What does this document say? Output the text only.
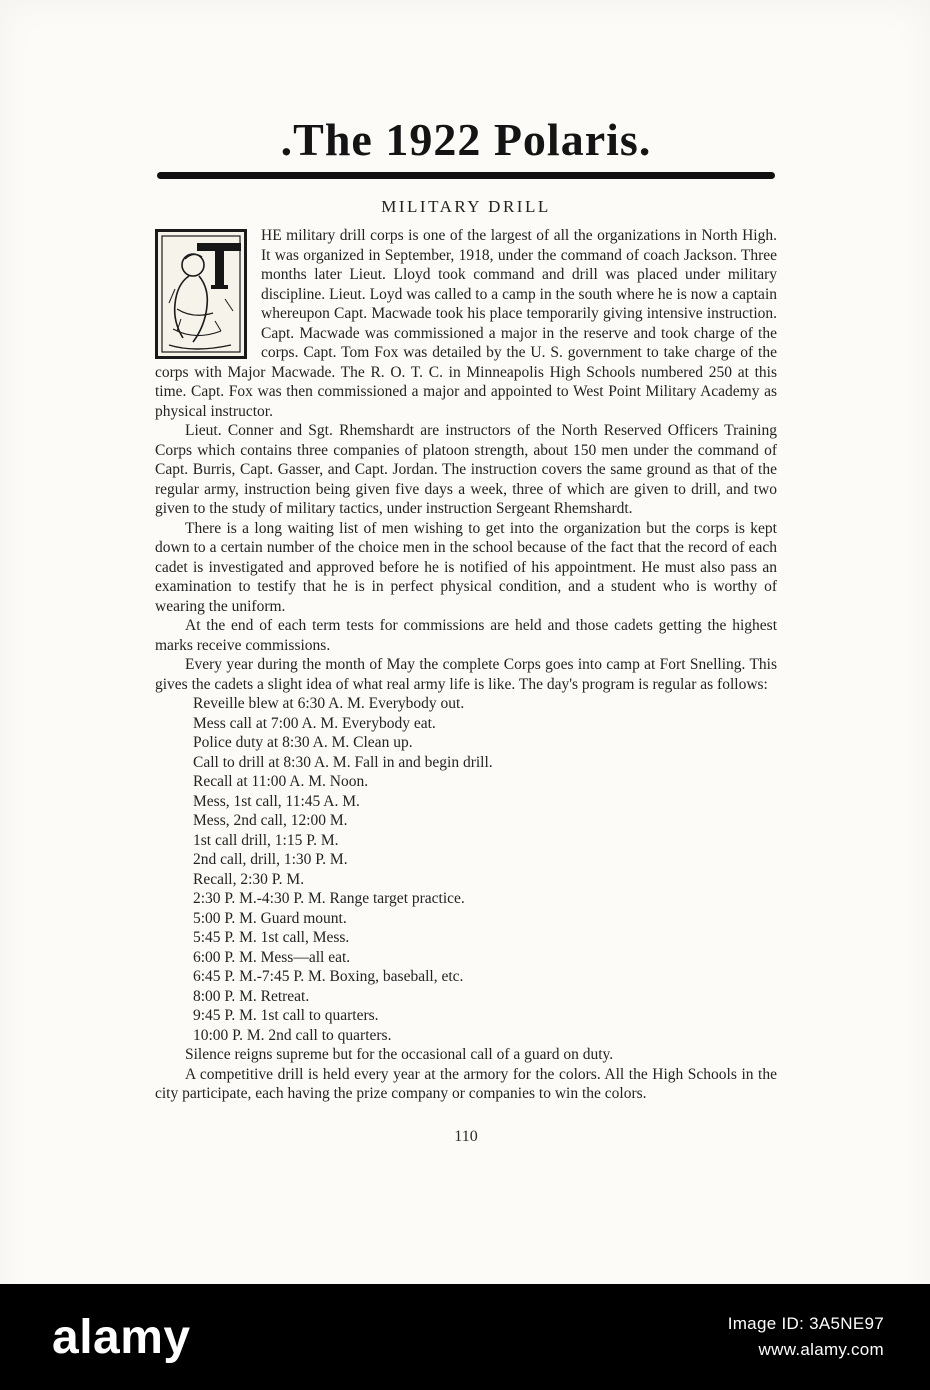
.The 1922 Polaris.
MILITARY DRILL

HE military drill corps is one of the largest of all the organizations in North High. It was organized in September, 1918, under the command of coach Jackson. Three months later Lieut. Lloyd took command and drill was placed under military discipline. Lieut. Loyd was called to a camp in the south where he is now a captain whereupon Capt. Macwade took his place temporarily giving intensive instruction. Capt. Macwade was commissioned a major in the reserve and took charge of the corps. Capt. Tom Fox was detailed by the U. S. government to take charge of the corps with Major Macwade. The R. O. T. C. in Minneapolis High Schools numbered 250 at this time. Capt. Fox was then commissioned a major and appointed to West Point Military Academy as physical instructor.

Lieut. Conner and Sgt. Rhemshardt are instructors of the North Reserved Officers Training Corps which contains three companies of platoon strength, about 150 men under the command of Capt. Burris, Capt. Gasser, and Capt. Jordan. The instruction covers the same ground as that of the regular army, instruction being given five days a week, three of which are given to drill, and two given to the study of military tactics, under instruction Sergeant Rhemshardt.

There is a long waiting list of men wishing to get into the organization but the corps is kept down to a certain number of the choice men in the school because of the fact that the record of each cadet is investigated and approved before he is notified of his appointment. He must also pass an examination to testify that he is in perfect physical condition, and a student who is worthy of wearing the uniform.

At the end of each term tests for commissions are held and those cadets getting the highest marks receive commissions.

Every year during the month of May the complete Corps goes into camp at Fort Snelling. This gives the cadets a slight idea of what real army life is like. The day's program is regular as follows:

Reveille blew at 6:30 A. M. Everybody out.
Mess call at 7:00 A. M. Everybody eat.
Police duty at 8:30 A. M. Clean up.
Call to drill at 8:30 A. M. Fall in and begin drill.
Recall at 11:00 A. M. Noon.
Mess, 1st call, 11:45 A. M.
Mess, 2nd call, 12:00 M.
1st call drill, 1:15 P. M.
2nd call, drill, 1:30 P. M.
Recall, 2:30 P. M.
2:30 P. M.-4:30 P. M. Range target practice.
5:00 P. M. Guard mount.
5:45 P. M. 1st call, Mess.
6:00 P. M. Mess—all eat.
6:45 P. M.-7:45 P. M. Boxing, baseball, etc.
8:00 P. M. Retreat.
9:45 P. M. 1st call to quarters.
10:00 P. M. 2nd call to quarters.

Silence reigns supreme but for the occasional call of a guard on duty.

A competitive drill is held every year at the armory for the colors. All the High Schools in the city participate, each having the prize company or companies to win the colors.

110
alamy	Image ID: 3A5NE97
www.alamy.com
